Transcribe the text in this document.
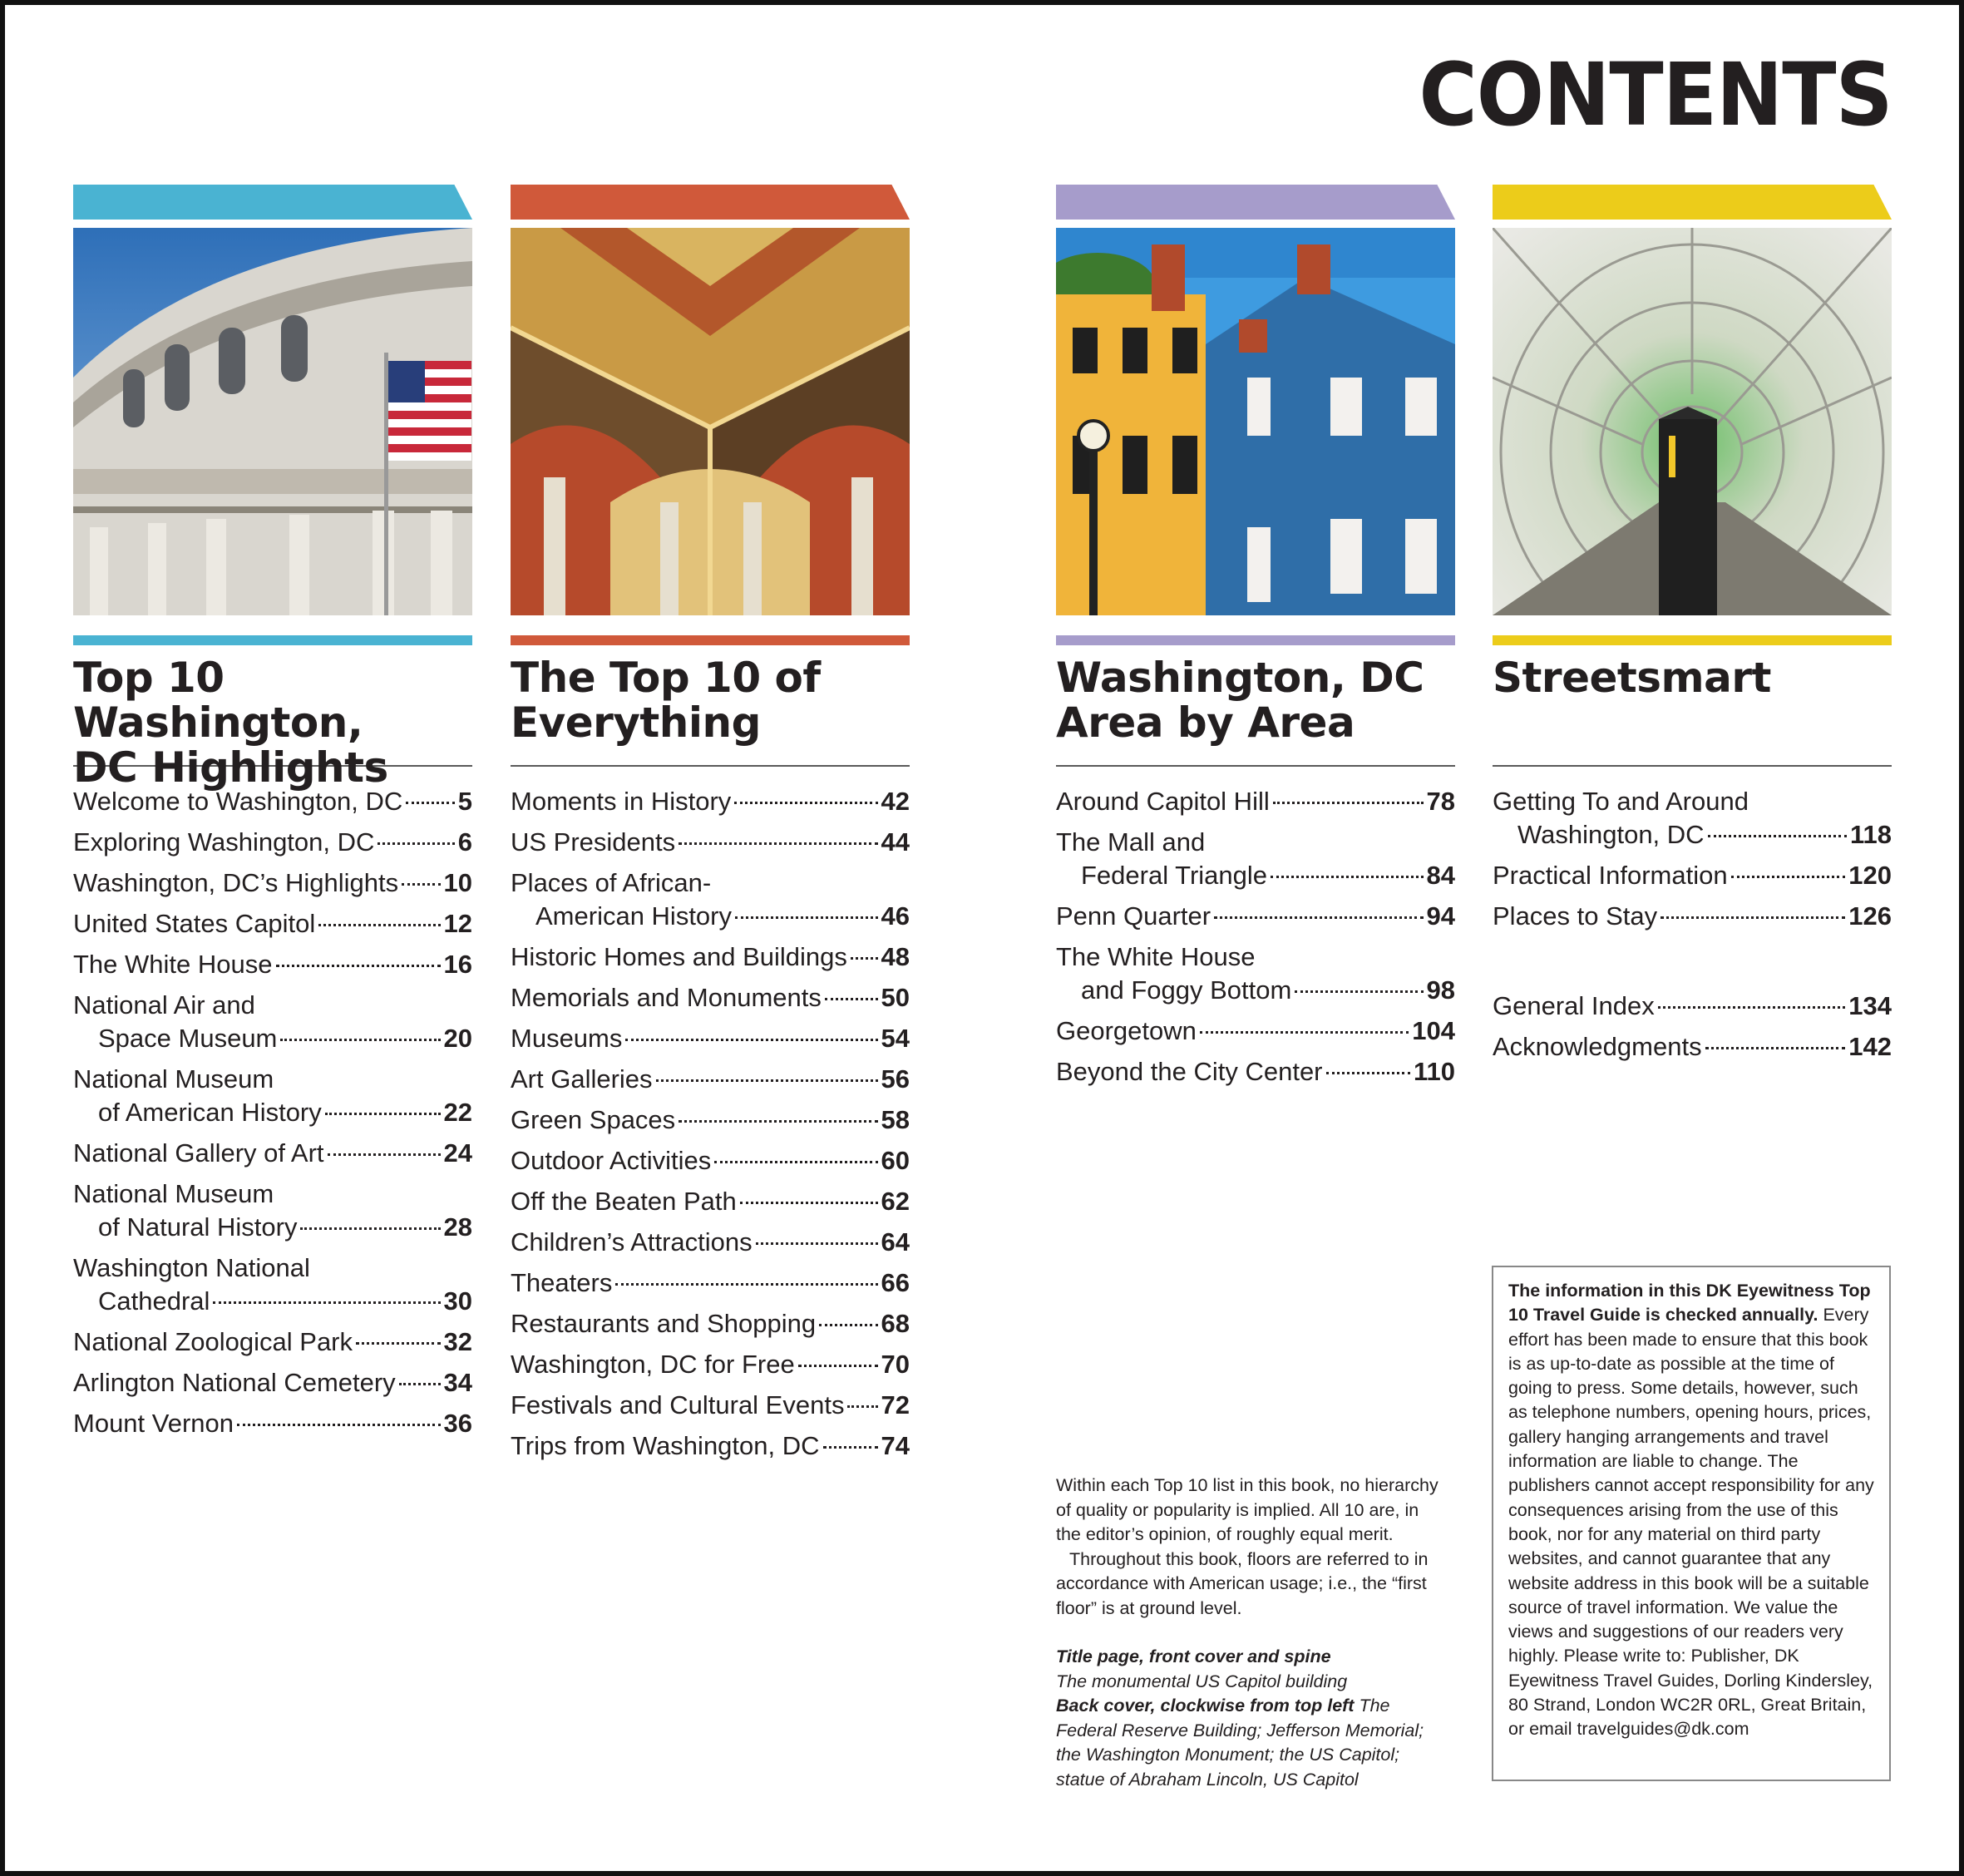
CONTENTS
Top 10 Washington,
DC Highlights
Welcome to Washington, DC 5
Exploring Washington, DC	6
Washington, DC’s Highlights 10
United States Capitol	12
The White House	16
National Air and
Space Museum	20
National Museum
of American History	22
National Gallery of Art	24
National Museum
of Natural History	28
Washington National
Cathedral	30
National Zoological Park	32
Arlington National Cemetery 34
Mount Vernon	36
The Top 10 of
Everything
Moments in History	42
US Presidents	44
Places of African-
American History	46
Historic Homes and Buildings 48
Memorials and Monuments 50
Museums	54
Art Galleries	56
Green Spaces	58
Outdoor Activities	60
Off the Beaten Path	62
Children’s Attractions	64
Theaters	66
Restaurants and Shopping	68
Washington, DC for Free	70
Festivals and Cultural Events 72
Trips from Washington, DC 74
Washington, DC
Area by Area
Around Capitol Hill	78
The Mall and
Federal Triangle	84
Penn Quarter	94
The White House
and Foggy Bottom	98
Georgetown	104
Beyond the City Center	110
Streetsmart
Getting To and Around
Washington, DC	118
Practical Information	120
Places to Stay	126
General Index	134
Acknowledgments	142

Within each Top 10 list in this book, no hierarchy of quality or popularity is implied. All 10 are, in the editor’s opinion, of roughly equal merit.

Throughout this book, floors are referred to in accordance with American usage; i.e., the “first floor” is at ground level.

Title page, front cover and spine
The monumental US Capitol building
Back cover, clockwise from top left The Federal Reserve Building; Jefferson Memorial; the Washington Monument; the US Capitol; statue of Abraham Lincoln, US Capitol
The information in this DK Eyewitness Top 10 Travel Guide is checked annually. Every effort has been made to ensure that this book is as up-to-date as possible at the time of going to press. Some details, however, such as telephone numbers, opening hours, prices, gallery hanging arrangements and travel information are liable to change. The publishers cannot accept responsibility for any consequences arising from the use of this book, nor for any material on third party websites, and cannot guarantee that any website address in this book will be a suitable source of travel information. We value the views and suggestions of our readers very highly. Please write to: Publisher, DK Eyewitness Travel Guides, Dorling Kindersley, 80 Strand, London WC2R 0RL, Great Britain, or email travelguides@dk.com
